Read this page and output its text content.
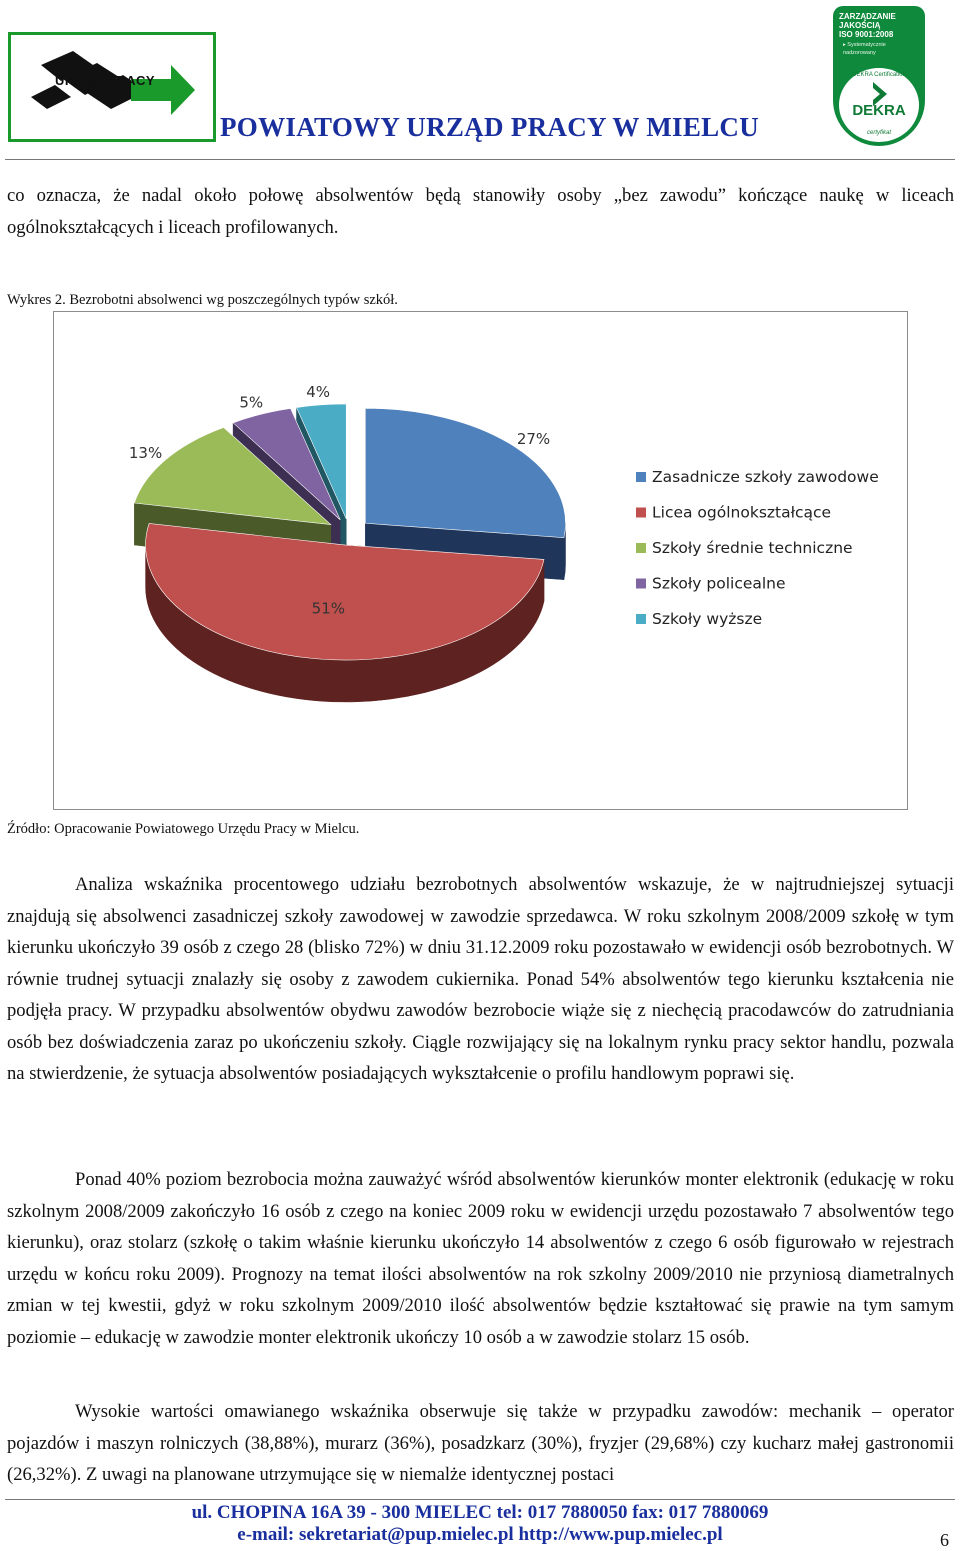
URZĄD PRACY
POWIATOWY URZĄD PRACY W MIELCU
ZARZĄDZANIE
JAKOŚCIĄ
ISO 9001:2008
▸ Systematycznie
nadzorowany
DEKRA Certification
DEKRA
certyfikat

co oznacza, że nadal około połowę absolwentów będą stanowiły osoby „bez zawodu” kończące naukę w liceach ogólnokształcących i liceach profilowanych.

Wykres 2. Bezrobotni absolwenci wg poszczególnych typów szkół.
27%
51%
13%
5%
4%
Zasadnicze szkoły zawodowe
Licea ogólnokształcące
Szkoły średnie techniczne
Szkoły policealne
Szkoły wyższe
Źródło: Opracowanie Powiatowego Urzędu Pracy w Mielcu.

Analiza wskaźnika procentowego udziału bezrobotnych absolwentów wskazuje, że w najtrudniejszej sytuacji znajdują się absolwenci zasadniczej szkoły zawodowej w zawodzie sprzedawca. W roku szkolnym 2008/2009 szkołę w tym kierunku ukończyło 39 osób z czego 28 (blisko 72%) w dniu 31.12.2009 roku pozostawało w ewidencji osób bezrobotnych. W równie trudnej sytuacji znalazły się osoby z zawodem cukiernika. Ponad 54% absolwentów tego kierunku kształcenia nie podjęła pracy. W przypadku absolwentów obydwu zawodów bezrobocie wiąże się z niechęcią pracodawców do zatrudniania osób bez doświadczenia zaraz po ukończeniu szkoły. Ciągle rozwijający się na lokalnym rynku pracy sektor handlu, pozwala na stwierdzenie, że sytuacja absolwentów posiadających wykształcenie o profilu handlowym poprawi się.

Ponad 40% poziom bezrobocia można zauważyć wśród absolwentów kierunków monter elektronik (edukację w roku szkolnym 2008/2009 zakończyło 16 osób z czego na koniec 2009 roku w ewidencji urzędu pozostawało 7 absolwentów tego kierunku), oraz stolarz (szkołę o takim właśnie kierunku ukończyło 14 absolwentów z czego 6 osób figurowało w rejestrach urzędu w końcu roku 2009). Prognozy na temat ilości absolwentów na rok szkolny 2009/2010 nie przyniosą diametralnych zmian w tej kwestii, gdyż w roku szkolnym 2009/2010 ilość absolwentów będzie kształtować się prawie na tym samym poziomie – edukację w zawodzie monter elektronik ukończy 10 osób a w zawodzie stolarz 15 osób.

Wysokie wartości omawianego wskaźnika obserwuje się także w przypadku zawodów: mechanik – operator pojazdów i maszyn rolniczych (38,88%), murarz (36%), posadzkarz (30%), fryzjer (29,68%) czy kucharz małej gastronomii (26,32%). Z uwagi na planowane utrzymujące się w niemalże identycznej postaci

ul. CHOPINA 16A 39 - 300 MIELEC tel: 017 7880050 fax: 017 7880069
e-mail: sekretariat@pup.mielec.pl http://www.pup.mielec.pl	6
